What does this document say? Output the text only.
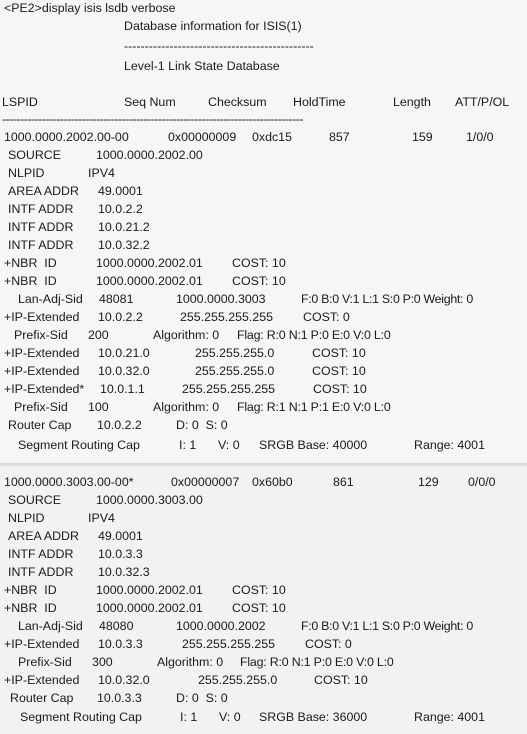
<PE2>display isis lsdb verbose
Database information for ISIS(1)
----------------------------------------------
Level-1 Link State Database
LSPID	Seq Num	Checksum HoldTime	Length ATT/P/OL
-----------------------------------------------------------------------------------
1000.0000.2002.00-00	0x00000009 0xdc15	857	159	1/0/0
SOURCE	1000.0000.2002.00
NLPID	IPV4
AREA ADDR 49.0001
INTF ADDR 10.0.2.2
INTF ADDR 10.0.21.2
INTF ADDR 10.0.32.2
+NBR  ID	1000.0000.2002.01 COST: 10
+NBR  ID	1000.0000.2002.01 COST: 10
Lan-Adj-Sid 48081	1000.0000.3003	F:0 B:0 V:1 L:1 S:0 P:0 Weight: 0
+IP-Extended 10.0.2.2	255.255.255.255 COST: 0
Prefix-Sid 200	Algorithm: 0 Flag: R:0 N:1 P:0 E:0 V:0 L:0
+IP-Extended 10.0.21.0	255.255.255.0	COST: 10
+IP-Extended 10.0.32.0	255.255.255.0	COST: 10
+IP-Extended* 10.0.1.1	255.255.255.255	COST: 10
Prefix-Sid 100	Algorithm: 0 Flag: R:1 N:1 P:1 E:0 V:0 L:0
Router Cap 10.0.2.2	D: 0  S: 0
Segment Routing Cap	I: 1 V: 0 SRGB Base: 40000	Range: 4001
1000.0000.3003.00-00*	0x00000007 0x60b0	861	129 0/0/0
SOURCE	1000.0000.3003.00
NLPID	IPV4
AREA ADDR 49.0001
INTF ADDR 10.0.3.3
INTF ADDR 10.0.32.3
+NBR  ID	1000.0000.2002.01 COST: 10
+NBR  ID	1000.0000.2002.01 COST: 10
Lan-Adj-Sid 48080	1000.0000.2002	F:0 B:0 V:1 L:1 S:0 P:0 Weight: 0
+IP-Extended 10.0.3.3	255.255.255.255 COST: 0
Prefix-Sid 300	Algorithm: 0 Flag: R:0 N:1 P:0 E:0 V:0 L:0
+IP-Extended 10.0.32.0	255.255.255.0	COST: 10
Router Cap 10.0.3.3	D: 0  S: 0
Segment Routing Cap	I: 1 V: 0 SRGB Base: 36000	Range: 4001
